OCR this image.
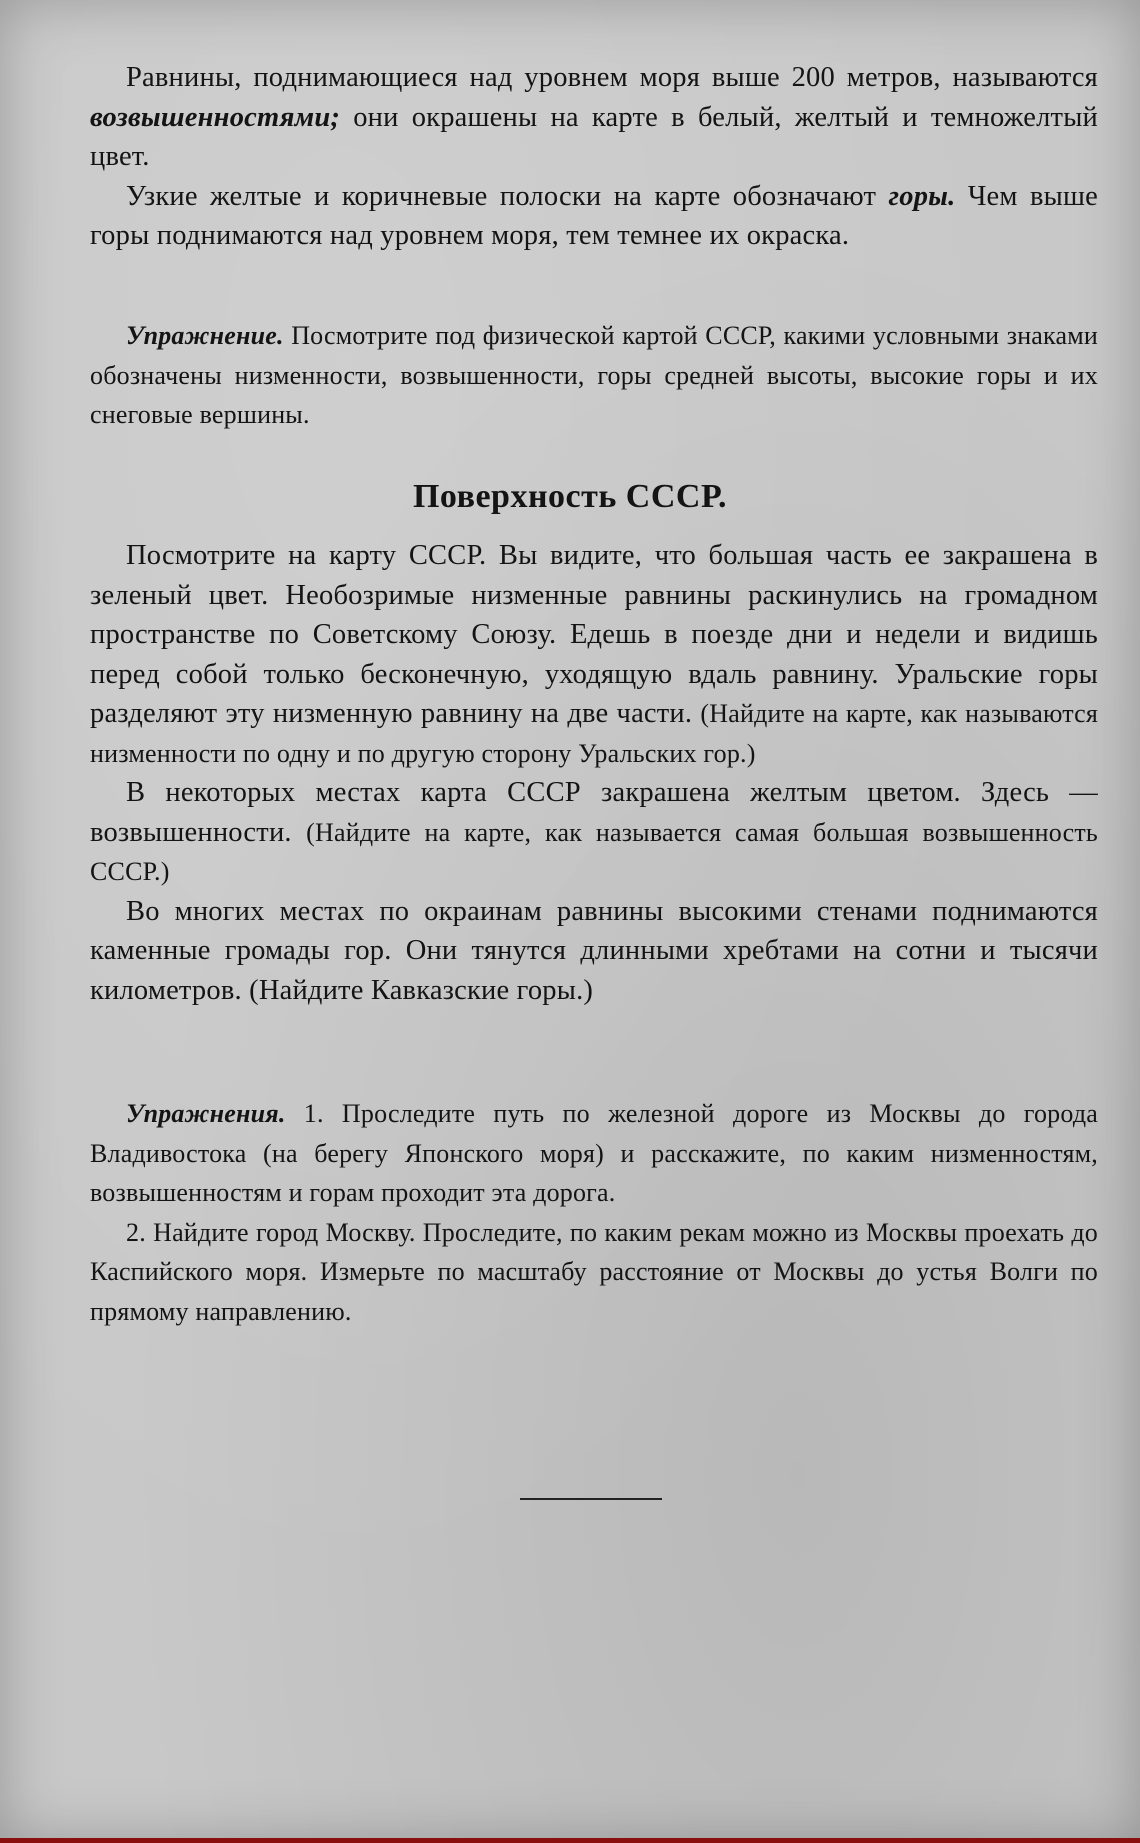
Равнины, поднимающиеся над уровнем моря выше 200 метров, называются возвышенностями; они окрашены на карте в белый, желтый и темножелтый цвет.

Узкие желтые и коричневые полоски на карте обозначают горы. Чем выше горы поднимаются над уровнем моря, тем темнее их окраска.

Упражнение. Посмотрите под физической картой СССР, какими условными знаками обозначены низменности, возвышенности, горы средней высоты, высокие горы и их снеговые вершины.

Поверхность СССР.

Посмотрите на карту СССР. Вы видите, что большая часть ее закрашена в зеленый цвет. Необозримые низменные равнины раскинулись на громадном пространстве по Советскому Союзу. Едешь в поезде дни и недели и видишь перед собой только бесконечную, уходящую вдаль равнину. Уральские горы разделяют эту низменную равнину на две части. (Найдите на карте, как называются низменности по одну и по другую сторону Уральских гор.)

В некоторых местах карта СССР закрашена желтым цветом. Здесь — возвышенности. (Найдите на карте, как называется самая большая возвышенность СССР.)

Во многих местах по окраинам равнины высокими стенами поднимаются каменные громады гор. Они тянутся длинными хребтами на сотни и тысячи километров. (Найдите Кавказские горы.)

Упражнения. 1. Проследите путь по железной дороге из Москвы до города Владивостока (на берегу Японского моря) и расскажите, по каким низменностям, возвышенностям и горам проходит эта дорога.

2. Найдите город Москву. Проследите, по каким рекам можно из Москвы проехать до Каспийского моря. Измерьте по масштабу расстояние от Москвы до устья Волги по прямому направлению.
